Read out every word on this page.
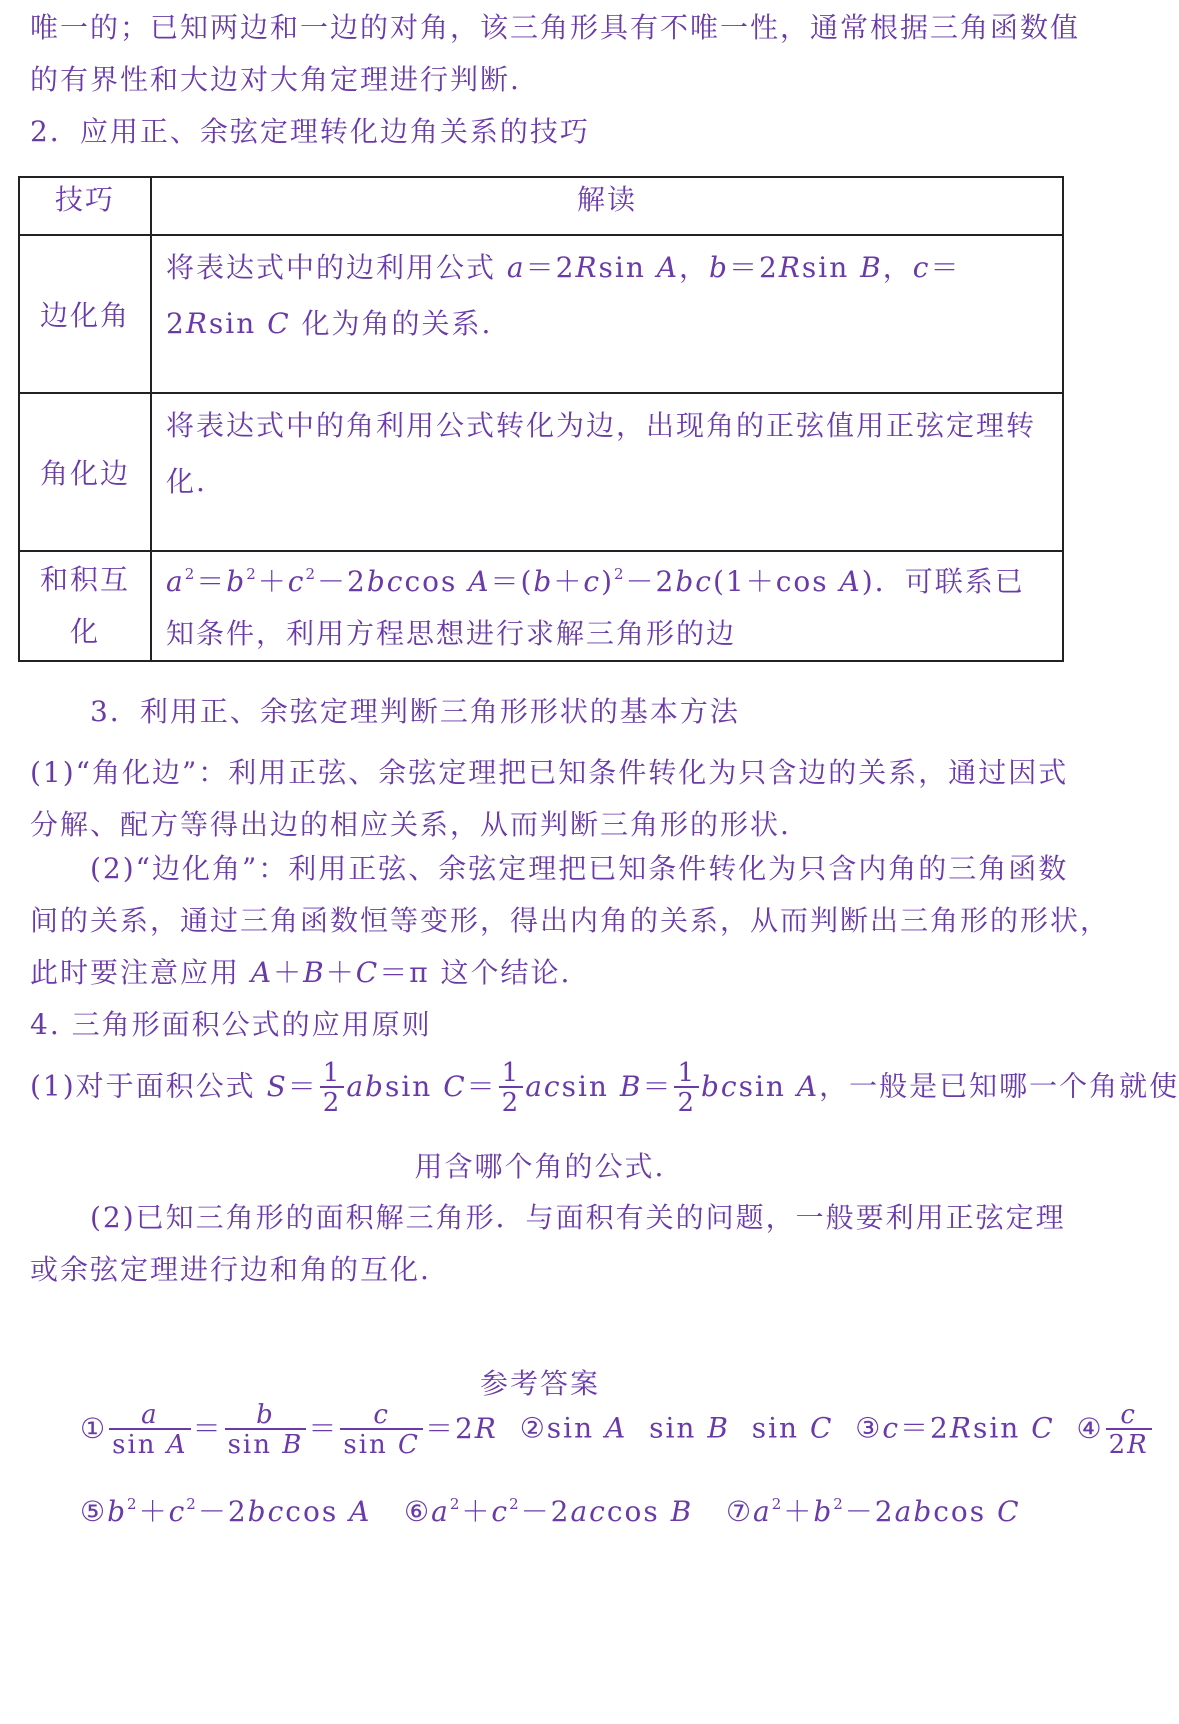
唯一的；已知两边和一边的对角，该三角形具有不唯一性，通常根据三角函数值
的有界性和大边对大角定理进行判断.
2．应用正、余弦定理转化边角关系的技巧
技巧	解读
边化角	将表达式中的边利用公式 a＝2Rsin A，b＝2Rsin B，c＝2Rsin C 化为角的关系.
角化边	将表达式中的角利用公式转化为边，出现角的正弦值用正弦定理转化.
和积互化	$a^2=b^2+c^2-2bccos$ $A=(b+c)^2-2bc(1+\cos$ A)．可联系已知条件，利用方程思想进行求解三角形的边
3．利用正、余弦定理判断三角形形状的基本方法
(1)“角化边”：利用正弦、余弦定理把已知条件转化为只含边的关系，通过因式
分解、配方等得出边的相应关系，从而判断三角形的形状.
(2)“边化角”：利用正弦、余弦定理把已知条件转化为只含内角的三角函数
间的关系，通过三角函数恒等变形，得出内角的关系，从而判断出三角形的形状，
此时要注意应用 A＋B＋C＝π 这个结论.
4. 三角形面积公式的应用原则
(1)对于面积公式 $S= \frac{1}{2}$ absin $C= \frac{1}{2}$ acsin $B= \frac{1}{2}$ bcsin A，一般是已知哪一个角就使
用含哪个角的公式.
(2)已知三角形的面积解三角形．与面积有关的问题，一般要利用正弦定理
或余弦定理进行边和角的互化.
参考答案
① $\frac{a}{\text{sin A}} = \frac{b}{\text{sin B}} = \frac{c}{\text{sin C}} =2R$ ②sin A  sin B  sin C ③c＝2Rsin C ④ $\frac{c}{2R}$
$⑤b^2+c^2-2bccos$ A $⑥a^2+c^2-2accos$ B $⑦a^2+b^2-2abcos$ C
